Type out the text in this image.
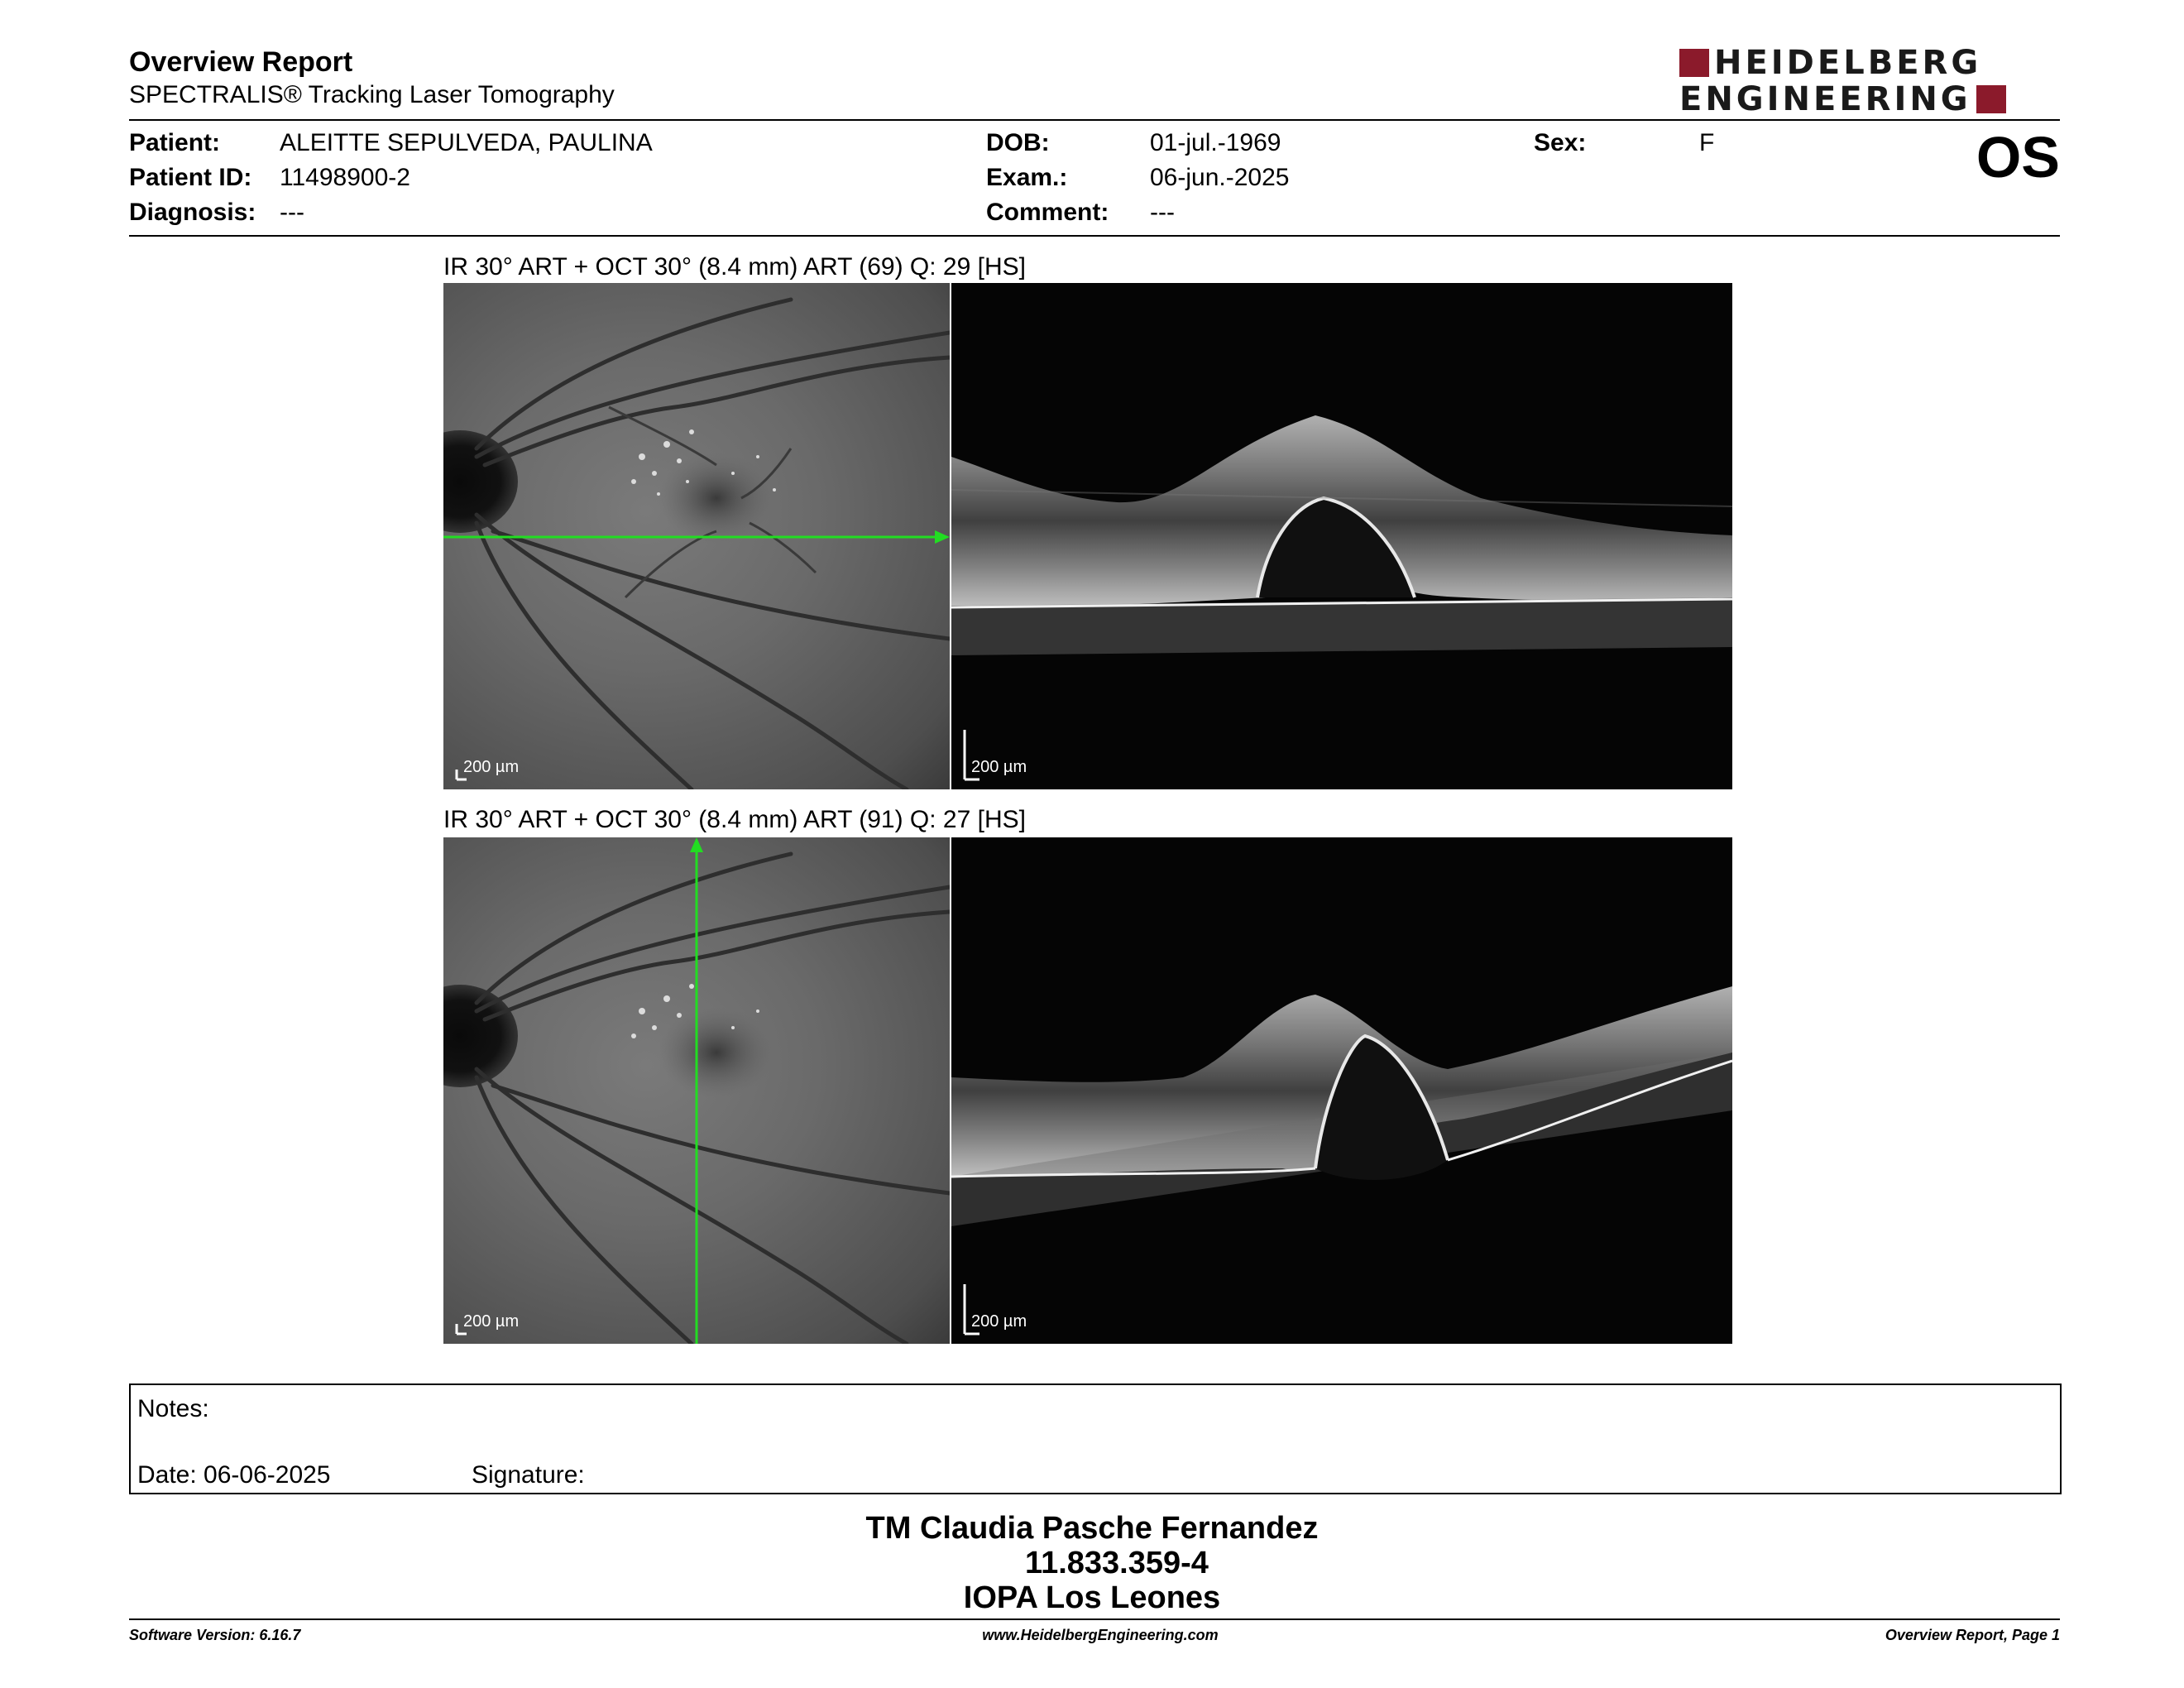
Overview Report
SPECTRALIS® Tracking Laser Tomography
HEIDELBERG
ENGINEERING
Patient: ALEITTE SEPULVEDA, PAULINA
Patient ID: 11498900-2
Diagnosis: ---
DOB:	01-jul.-1969
Exam.:	06-jun.-2025
Comment: ---
Sex:	F	OS
IR 30° ART + OCT 30° (8.4 mm) ART (69) Q: 29 [HS]
200 µm	200 µm
IR 30° ART + OCT 30° (8.4 mm) ART (91) Q: 27 [HS]
200 µm	200 µm
Notes:
Date: 06-06-2025	Signature:
TM Claudia Pasche Fernandez
11.833.359-4
IOPA Los Leones
Software Version: 6.16.7	www.HeidelbergEngineering.com	Overview Report, Page 1
